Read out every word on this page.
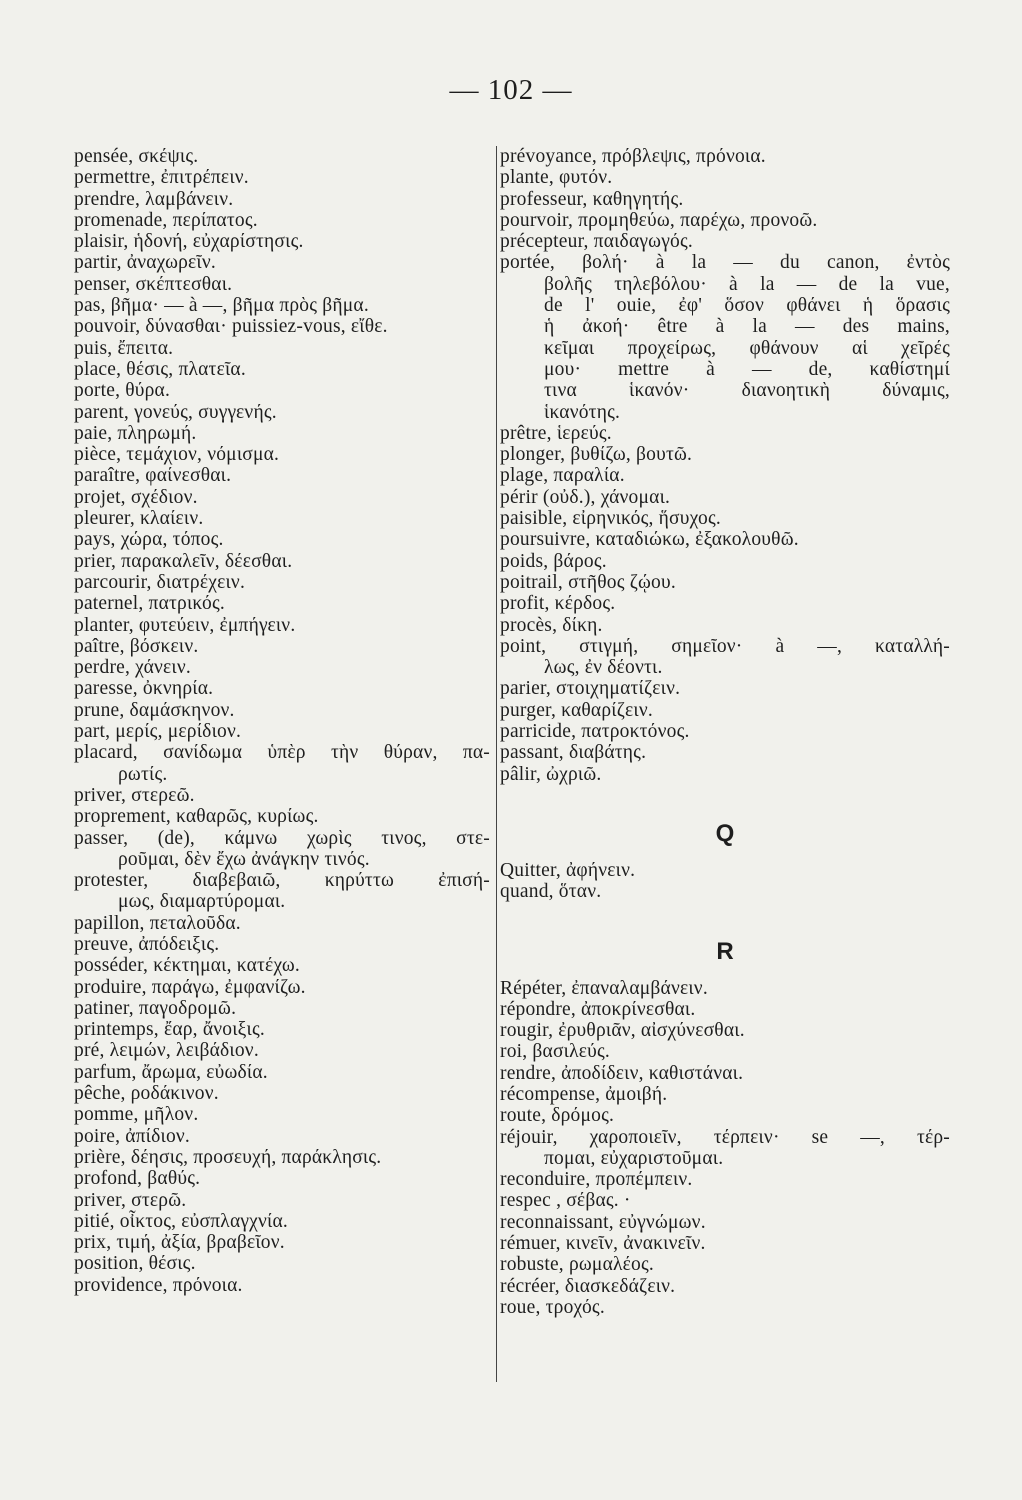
— 102 —

pensée, σκέψις.

permettre, ἐπιτρέπειν.

prendre, λαμβάνειν.

promenade, περίπατος.

plaisir, ἡδονή, εὐχαρίστησις.

partir, ἀναχωρεῖν.

penser, σκέπτεσθαι.

pas, βῆμα· — à —, βῆμα πρὸς βῆμα.

pouvoir, δύνασθαι· puissiez-vous, εἴθε.

puis, ἔπειτα.

place, θέσις, πλατεῖα.

porte, θύρα.

parent, γονεύς, συγγενής.

paie, πληρωμή.

pièce, τεμάχιον, νόμισμα.

paraître, φαίνεσθαι.

projet, σχέδιον.

pleurer, κλαίειν.

pays, χώρα, τόπος.

prier, παρακαλεῖν, δέεσθαι.

parcourir, διατρέχειν.

paternel, πατρικός.

planter, φυτεύειν, ἐμπήγειν.

paître, βόσκειν.

perdre, χάνειν.

paresse, ὀκνηρία.

prune, δαμάσκηνον.

part, μερίς, μερίδιον.

placard, σανίδωμα ὑπὲρ τὴν θύραν, πα-
ρωτίς.

priver, στερεῶ.

proprement, καθαρῶς, κυρίως.

passer, (de), κάμνω χωρὶς τινος, στε-
ροῦμαι, δὲν ἔχω ἀνάγκην τινός.

protester, διαβεβαιῶ, κηρύττω ἐπισή-
μως, διαμαρτύρομαι.

papillon, πεταλοῦδα.

preuve, ἀπόδειξις.

posséder, κέκτημαι, κατέχω.

produire, παράγω, ἐμφανίζω.

patiner, παγοδρομῶ.

printemps, ἔαρ, ἄνοιξις.

pré, λειμών, λειβάδιον.

parfum, ἄρωμα, εὐωδία.

pêche, ροδάκινον.

pomme, μῆλον.

poire, ἀπίδιον.

prière, δέησις, προσευχή, παράκλησις.

profond, βαθύς.

priver, στερῶ.

pitié, οἶκτος, εὐσπλαγχνία.

prix, τιμή, ἀξία, βραβεῖον.

position, θέσις.

providence, πρόνοια.

prévoyance, πρόβλεψις, πρόνοια.

plante, φυτόν.

professeur, καθηγητής.

pourvoir, προμηθεύω, παρέχω, προνοῶ.

précepteur, παιδαγωγός.

portée, βολή· à la — du canon, ἐντὸς
βολῆς τηλεβόλου· à la — de la vue,
de l' ouie, ἐφ' ὅσον φθάνει ἡ ὅρασις
ἡ ἀκοή· être à la — des mains,
κεῖμαι προχείρως, φθάνουν αἱ χεῖρές
μου· mettre à — de, καθίστημί
τινα ἱκανόν· διανοητικὴ δύναμις,
ἱκανότης.

prêtre, ἱερεύς.

plonger, βυθίζω, βουτῶ.

plage, παραλία.

périr (οὐδ.), χάνομαι.

paisible, εἰρηνικός, ἥσυχος.

poursuivre, καταδιώκω, ἐξακολουθῶ.

poids, βάρος.

poitrail, στῆθος ζῴου.

profit, κέρδος.

procès, δίκη.

point, στιγμή, σημεῖον· à —, καταλλή-
λως, ἐν δέοντι.

parier, στοιχηματίζειν.

purger, καθαρίζειν.

parricide, πατροκτόνος.

passant, διαβάτης.

pâlir, ὠχριῶ.

Q

Quitter, ἀφήνειν.

quand, ὅταν.

R

Répéter, ἐπαναλαμβάνειν.

répondre, ἀποκρίνεσθαι.

rougir, ἐρυθριᾶν, αἰσχύνεσθαι.

roi, βασιλεύς.

rendre, ἀποδίδειν, καθιστάναι.

récompense, ἀμοιβή.

route, δρόμος.

réjouir, χαροποιεῖν, τέρπειν· se —, τέρ-
πομαι, εὐχαριστοῦμαι.

reconduire, προπέμπειν.

respec , σέβας. ·

reconnaissant, εὐγνώμων.

rémuer, κινεῖν, ἀνακινεῖν.

robuste, ρωμαλέος.

récréer, διασκεδάζειν.

roue, τροχός.
